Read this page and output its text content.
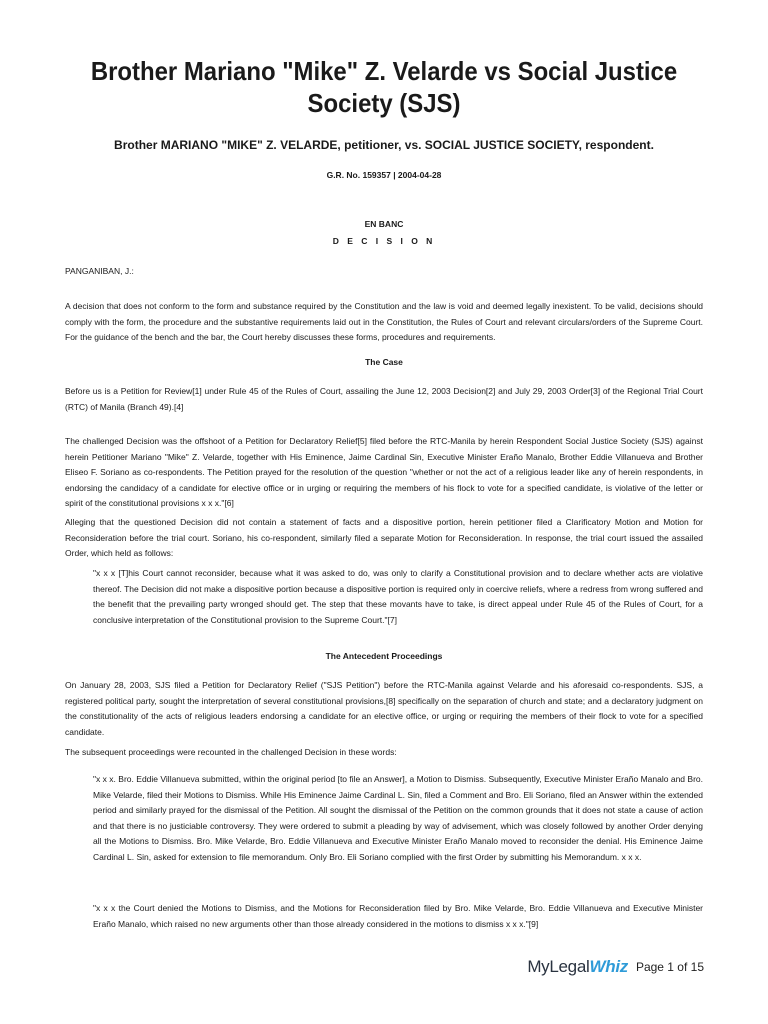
Brother Mariano "Mike" Z. Velarde vs Social Justice Society (SJS)
Brother MARIANO "MIKE" Z. VELARDE, petitioner, vs. SOCIAL JUSTICE SOCIETY, respondent.
G.R. No. 159357 | 2004-04-28
EN BANC
D E C I S I O N
PANGANIBAN, J.:
A decision that does not conform to the form and substance required by the Constitution and the law is void and deemed legally inexistent. To be valid, decisions should comply with the form, the procedure and the substantive requirements laid out in the Constitution, the Rules of Court and relevant circulars/orders of the Supreme Court. For the guidance of the bench and the bar, the Court hereby discusses these forms, procedures and requirements.
The Case
Before us is a Petition for Review[1] under Rule 45 of the Rules of Court, assailing the June 12, 2003 Decision[2] and July 29, 2003 Order[3] of the Regional Trial Court (RTC) of Manila (Branch 49).[4]
The challenged Decision was the offshoot of a Petition for Declaratory Relief[5] filed before the RTC-Manila by herein Respondent Social Justice Society (SJS) against herein Petitioner Mariano "Mike" Z. Velarde, together with His Eminence, Jaime Cardinal Sin, Executive Minister Eraño Manalo, Brother Eddie Villanueva and Brother Eliseo F. Soriano as co-respondents. The Petition prayed for the resolution of the question "whether or not the act of a religious leader like any of herein respondents, in endorsing the candidacy of a candidate for elective office or in urging or requiring the members of his flock to vote for a specified candidate, is violative of the letter or spirit of the constitutional provisions x x x."[6]
Alleging that the questioned Decision did not contain a statement of facts and a dispositive portion, herein petitioner filed a Clarificatory Motion and Motion for Reconsideration before the trial court. Soriano, his co-respondent, similarly filed a separate Motion for Reconsideration. In response, the trial court issued the assailed Order, which held as follows:
"x x x [T]his Court cannot reconsider, because what it was asked to do, was only to clarify a Constitutional provision and to declare whether acts are violative thereof. The Decision did not make a dispositive portion because a dispositive portion is required only in coercive reliefs, where a redress from wrong suffered and the benefit that the prevailing party wronged should get. The step that these movants have to take, is direct appeal under Rule 45 of the Rules of Court, for a conclusive interpretation of the Constitutional provision to the Supreme Court."[7]
The Antecedent Proceedings
On January 28, 2003, SJS filed a Petition for Declaratory Relief ("SJS Petition") before the RTC-Manila against Velarde and his aforesaid co-respondents. SJS, a registered political party, sought the interpretation of several constitutional provisions,[8] specifically on the separation of church and state; and a declaratory judgment on the constitutionality of the acts of religious leaders endorsing a candidate for an elective office, or urging or requiring the members of their flock to vote for a specified candidate.
The subsequent proceedings were recounted in the challenged Decision in these words:
"x x x. Bro. Eddie Villanueva submitted, within the original period [to file an Answer], a Motion to Dismiss. Subsequently, Executive Minister Eraño Manalo and Bro. Mike Velarde, filed their Motions to Dismiss. While His Eminence Jaime Cardinal L. Sin, filed a Comment and Bro. Eli Soriano, filed an Answer within the extended period and similarly prayed for the dismissal of the Petition. All sought the dismissal of the Petition on the common grounds that it does not state a cause of action and that there is no justiciable controversy. They were ordered to submit a pleading by way of advisement, which was closely followed by another Order denying all the Motions to Dismiss. Bro. Mike Velarde, Bro. Eddie Villanueva and Executive Minister Eraño Manalo moved to reconsider the denial. His Eminence Jaime Cardinal L. Sin, asked for extension to file memorandum. Only Bro. Eli Soriano complied with the first Order by submitting his Memorandum. x x x.
"x x x the Court denied the Motions to Dismiss, and the Motions for Reconsideration filed by Bro. Mike Velarde, Bro. Eddie Villanueva and Executive Minister Eraño Manalo, which raised no new arguments other than those already considered in the motions to dismiss x x x."[9]
MyLegalWhiz Page 1 of 15
